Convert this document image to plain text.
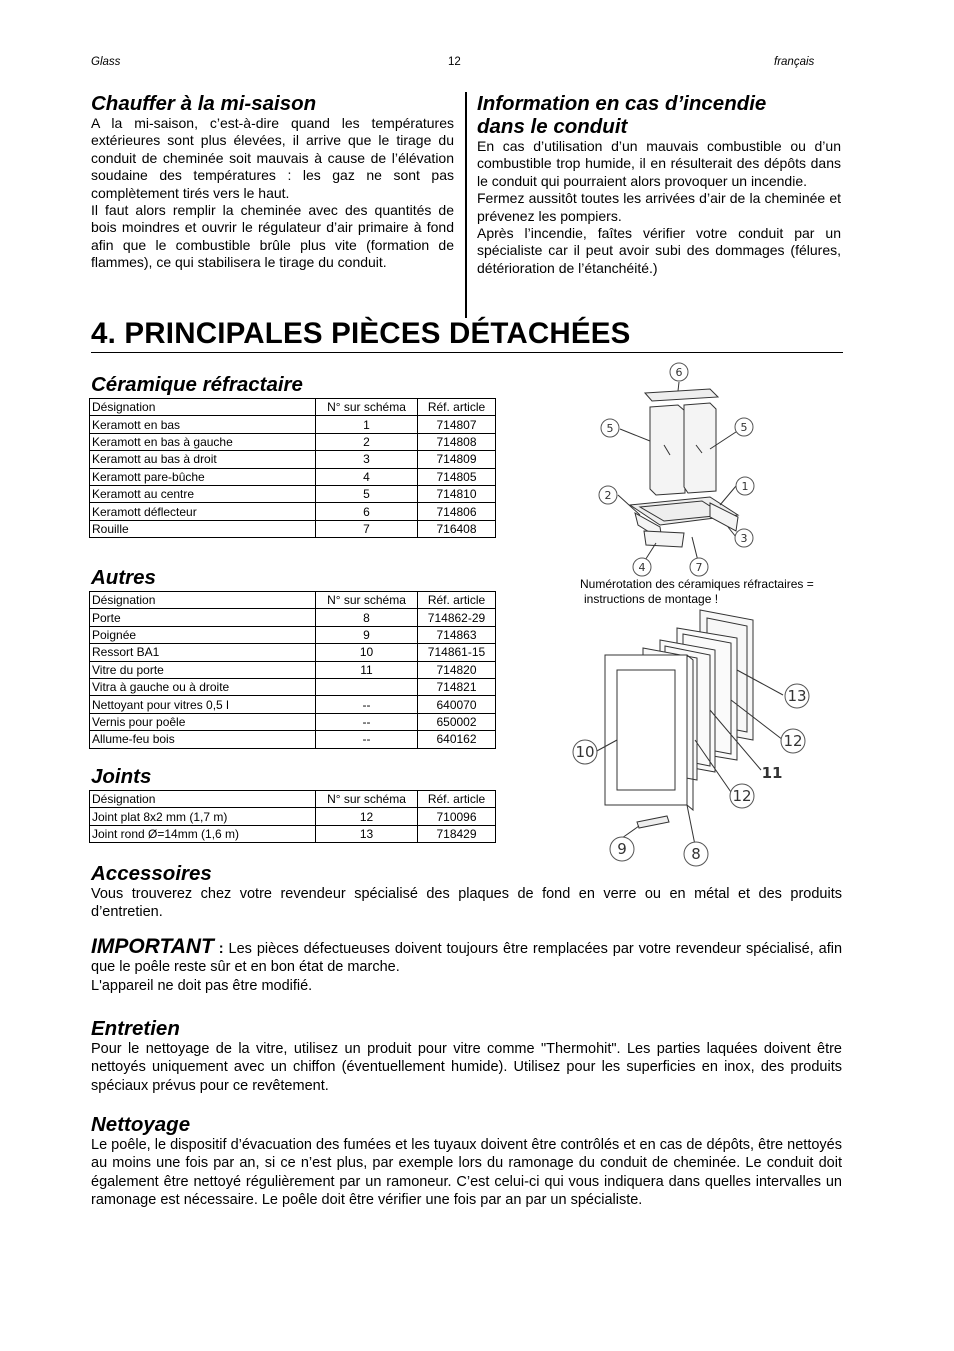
Glass	12	français
Chauffer à la mi-saison

A la mi-saison, c’est-à-dire quand les températures extérieures sont plus élevées, il arrive que le tirage du conduit de cheminée soit mauvais à cause de l’élévation soudaine des températures : les gaz ne sont pas complètement tirés vers le haut.

Il faut alors remplir la cheminée avec des quantités de bois moindres et ouvrir le régulateur d’air primaire à fond afin que le combustible brûle plus vite (formation de flammes), ce qui stabilisera le tirage du conduit.

Information en cas d’incendie
dans le conduit

En cas d’utilisation d’un mauvais combustible ou d’un combustible trop humide, il en résulterait des dépôts dans le conduit qui pourraient alors provoquer un incendie.

Fermez aussitôt toutes les arrivées d’air de la cheminée et prévenez les pompiers.

Après l’incendie, faîtes vérifier votre conduit par un spécialiste car il peut avoir subi des dommages (félures, détérioration de l’étanchéité.)

4. PRINCIPALES PIÈCES DÉTACHÉES
Céramique réfractaire
Désignation	N° sur schéma	Réf. article
Keramott en bas	1	714807
Keramott en bas à gauche	2	714808
Keramott au bas à droit	3	714809
Keramott pare-bûche	4	714805
Keramott au centre	5	714810
Keramott déflecteur	6	714806
Rouille	7	716408
Autres
Désignation	N° sur schéma	Réf. article
Porte	8	714862-29
Poignée	9	714863
Ressort BA1	10	714861-15
Vitre du porte	11	714820
Vitra à gauche ou à droite		714821
Nettoyant pour vitres 0,5 l	--	640070
Vernis pour poêle	--	650002
Allume-feu bois	--	640162
Joints
Désignation	N° sur schéma	Réf. article
Joint plat 8x2 mm (1,7 m)	12	710096
Joint rond Ø=14mm (1,6 m)	13	718429
6
5	5
2
1
3
4	7
Numérotation des céramiques réfractaires =
instructions de montage !
13
12
10
11
12
9	8
Accessoires

Vous trouverez chez votre revendeur spécialisé des plaques de fond en verre ou en métal et des produits d’entretien.

IMPORTANT : Les pièces défectueuses doivent toujours être remplacées par votre revendeur spécialisé, afin que le poêle reste sûr et en bon état de marche.

L'appareil ne doit pas être modifié.

Entretien

Pour le nettoyage de la vitre, utilisez un produit pour vitre comme "Thermohit". Les parties laquées doivent être nettoyés uniquement avec un chiffon (éventuellement humide). Utilisez pour les superficies en inox, des produits spéciaux prévus pour ce revêtement.

Nettoyage

Le poêle, le dispositif d’évacuation des fumées et les tuyaux doivent être contrôlés et en cas de dépôts, être nettoyés au moins une fois par an, si ce n’est plus, par exemple lors du ramonage du conduit de cheminée. Le conduit doit également être nettoyé régulièrement par un ramoneur. C’est celui-ci qui vous indiquera dans quelles intervalles un ramonage est nécessaire. Le poêle doit être vérifier une fois par an par un spécialiste.
